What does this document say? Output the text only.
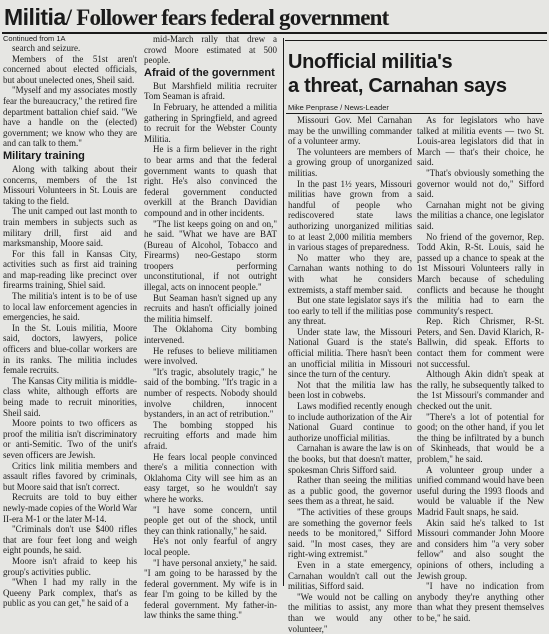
Militia/ Follower fears federal government

Continued from 1A

search and seizure.

Members of the 51st aren't concerned about elected officials, but about unelected ones, Sheil said.

"Myself and my associates mostly fear the bureaucracy," the retired fire department battalion chief said. "We have a handle on the (elected) government; we know who they are and can talk to them."

Military training

Along with talking about their concerns, members of the 1st Missouri Volunteers in St. Louis are taking to the field.

The unit camped out last month to train members in subjects such as military drill, first aid and marksmanship, Moore said.

For this fall in Kansas City, activities such as first aid training and map-reading like precinct over firearms training, Shiel said.

The militia's intent is to be of use to local law enforcement agencies in emergencies, he said.

In the St. Louis militia, Moore said, doctors, lawyers, police officers and blue-collar workers are in its ranks. The militia includes female recruits.

The Kansas City militia is middle-class white, although efforts are being made to recruit minorities, Sheil said.

Moore points to two officers as proof the militia isn't discriminatory or anti-Semitic. Two of the unit's seven officers are Jewish.

Critics link militia members and assault rifles favored by criminals, but Moore said that isn't correct.

Recruits are told to buy either newly-made copies of the World War II-era M-1 or the later M-14.

"Criminals don't use $400 rifles that are four feet long and weigh eight pounds, he said.

Moore isn't afraid to keep his group's activities public.

"When I had my rally in the Queeny Park complex, that's as public as you can get," he said of a

mid-March rally that drew a crowd Moore estimated at 500 people.

Afraid of the government

But Marshfield militia recruiter Tom Seaman is afraid.

In February, he attended a militia gathering in Springfield, and agreed to recruit for the Webster County Militia.

He is a firm believer in the right to bear arms and that the federal government wants to quash that right. He's also convinced the federal government conducted overkill at the Branch Davidian compound and in other incidents.

"The list keeps going on and on," he said. "What we have are BAT (Bureau of Alcohol, Tobacco and Firearms) neo-Gestapo storm troopers performing unconstitutional, if not outright illegal, acts on innocent people."

But Seaman hasn't signed up any recruits and hasn't officially joined the militia himself.

The Oklahoma City bombing intervened.

He refuses to believe militiamen were involved.

"It's tragic, absolutely tragic," he said of the bombing. "It's tragic in a number of respects. Nobody should involve children, innocent bystanders, in an act of retribution."

The bombing stopped his recruiting efforts and made him afraid.

He fears local people convinced there's a militia connection with Oklahoma City will see him as an easy target, so he wouldn't say where he works.

"I have some concern, until people get out of the shock, until they can think rationally," he said.

He's not only fearful of angry local people.

"I have personal anxiety," he said. "I am going to be harassed by the federal government. My wife is in fear I'm going to be killed by the federal government. My father-in-law thinks the same thing."

Unofficial militia's
a threat, Carnahan says
Mike Penprase / News-Leader

Missouri Gov. Mel Carnahan may be the unwilling commander of a volunteer army.

The volunteers are members of a growing group of unorganized militias.

In the past 1½ years, Missouri militias have grown from a handful of people who rediscovered state laws authorizing unorganized militias to at least 2,000 militia members in various stages of preparedness.

No matter who they are, Carnahan wants nothing to do with what he considers extremists, a staff member said.

But one state legislator says it's too early to tell if the militias pose any threat.

Under state law, the Missouri National Guard is the state's official militia. There hasn't been an unofficial militia in Missouri since the turn of the century.

Not that the militia law has been lost in cobwebs.

Laws modified recently enough to include authorization of the Air National Guard continue to authorize unofficial militias.

Carnahan is aware the law is on the books, but that doesn't matter, spokesman Chris Sifford said.

Rather than seeing the militias as a public good, the governor sees them as a threat, he said.

"The activities of these groups are something the governor feels needs to be monitored," Sifford said. "In most cases, they are right-wing extremist."

Even in a state emergency, Carnahan wouldn't call out the militias, Sifford said.

"We would not be calling on the militias to assist, any more than we would any other volunteer,"

As for legislators who have talked at militia events — two St. Louis-area legislators did that in March — that's their choice, he said.

"That's obviously something the governor would not do," Sifford said.

Carnahan might not be giving the militias a chance, one legislator said.

No friend of the governor, Rep. Todd Akin, R-St. Louis, said he passed up a chance to speak at the 1st Missouri Volunteers rally in March because of scheduling conflicts and because he thought the militia had to earn the community's respect.

Rep. Rich Chrismer, R-St. Peters, and Sen. David Klarich, R-Ballwin, did speak. Efforts to contact them for comment were not successful.

Although Akin didn't speak at the rally, he subsequently talked to the 1st Missouri's commander and checked out the unit.

"There's a lot of potential for good; on the other hand, if you let the thing be infiltrated by a bunch of Skinheads, that would be a problem," he said.

A volunteer group under a unified command would have been useful during the 1993 floods and would be valuable if the New Madrid Fault snaps, he said.

Akin said he's talked to 1st Missouri commander John Moore and considers him "a very sober fellow" and also sought the opinions of others, including a Jewish group.

"I have no indication from anybody they're anything other than what they present themselves to be," he said.
